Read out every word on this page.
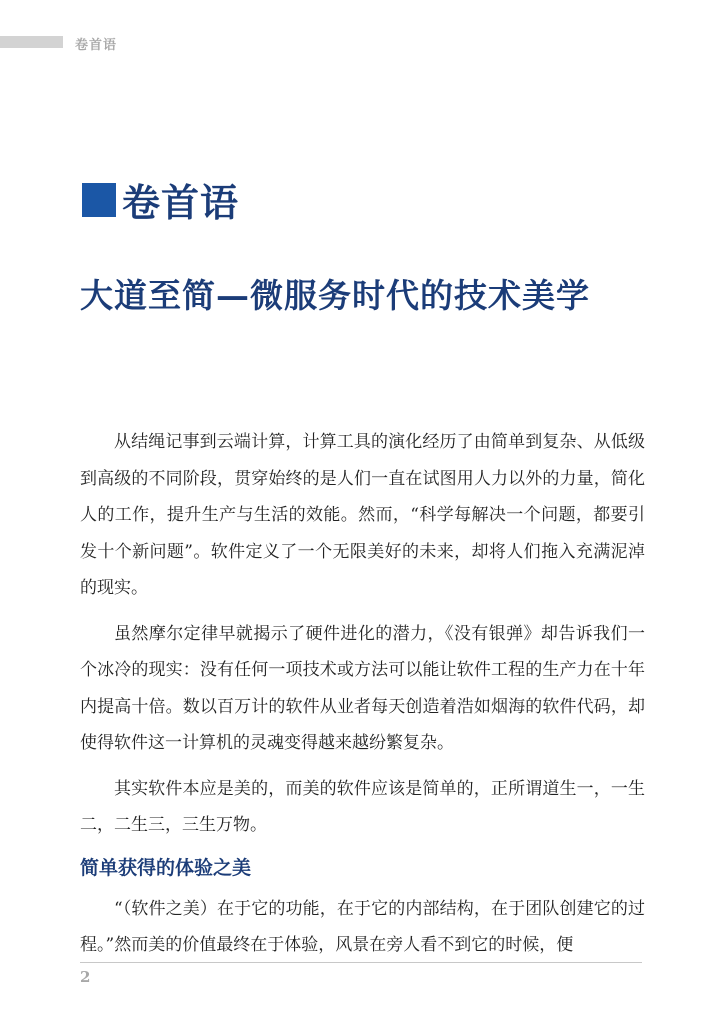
卷首语
卷首语
大道至简—微服务时代的技术美学

从结绳记事到云端计算，计算工具的演化经历了由简单到复杂、从低级到高级的不同阶段，贯穿始终的是人们一直在试图用人力以外的力量，简化人的工作，提升生产与生活的效能。然而，“科学每解决一个问题，都要引发十个新问题”。软件定义了一个无限美好的未来，却将人们拖入充满泥淖的现实。

虽然摩尔定律早就揭示了硬件进化的潜力，《没有银弹》却告诉我们一个冰冷的现实：没有任何一项技术或方法可以能让软件工程的生产力在十年内提高十倍。数以百万计的软件从业者每天创造着浩如烟海的软件代码，却使得软件这一计算机的灵魂变得越来越纷繁复杂。

其实软件本应是美的，而美的软件应该是简单的，正所谓道生一，一生二，二生三，三生万物。

简单获得的体验之美

“（软件之美）在于它的功能，在于它的内部结构，在于团队创建它的过程。”然而美的价值最终在于体验，风景在旁人看不到它的时候，便

2
